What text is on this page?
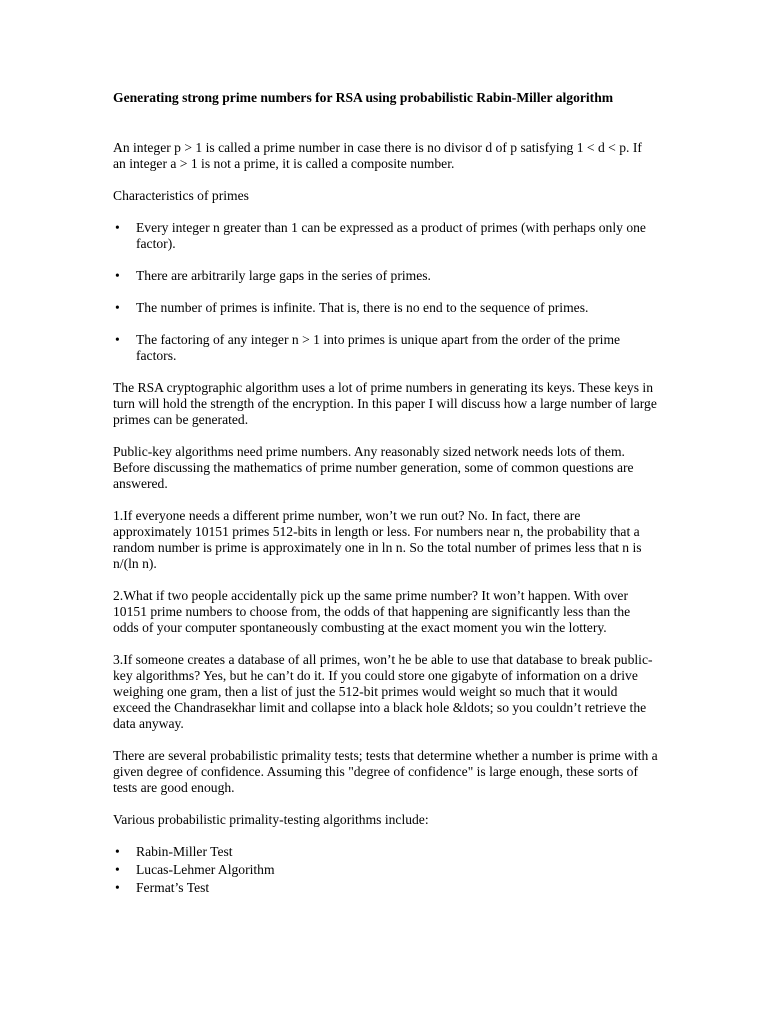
Generating strong prime numbers for RSA using probabilistic Rabin-Miller algorithm

An integer p > 1 is called a prime number in case there is no divisor d of p satisfying 1 < d < p. If an integer a > 1 is not a prime, it is called a composite number.

Characteristics of primes

• Every integer n greater than 1 can be expressed as a product of primes (with perhaps only one factor).
• There are arbitrarily large gaps in the series of primes.
• The number of primes is infinite. That is, there is no end to the sequence of primes.
• The factoring of any integer n > 1 into primes is unique apart from the order of the prime factors.

The RSA cryptographic algorithm uses a lot of prime numbers in generating its keys. These keys in turn will hold the strength of the encryption. In this paper I will discuss how a large number of large primes can be generated.

Public-key algorithms need prime numbers. Any reasonably sized network needs lots of them. Before discussing the mathematics of prime number generation, some of common questions are answered.

1.If everyone needs a different prime number, won’t we run out? No. In fact, there are approximately 10151 primes 512-bits in length or less. For numbers near n, the probability that a random number is prime is approximately one in ln n. So the total number of primes less that n is n/(ln n).

2.What if two people accidentally pick up the same prime number? It won’t happen. With over 10151 prime numbers to choose from, the odds of that happening are significantly less than the odds of your computer spontaneously combusting at the exact moment you win the lottery.

3.If someone creates a database of all primes, won’t he be able to use that database to break public-key algorithms? Yes, but he can’t do it. If you could store one gigabyte of information on a drive weighing one gram, then a list of just the 512-bit primes would weight so much that it would exceed the Chandrasekhar limit and collapse into a black hole &ldots; so you couldn’t retrieve the data anyway.

There are several probabilistic primality tests; tests that determine whether a number is prime with a given degree of confidence. Assuming this "degree of confidence" is large enough, these sorts of tests are good enough.

Various probabilistic primality-testing algorithms include:

• Rabin-Miller Test
• Lucas-Lehmer Algorithm
• Fermat’s Test
